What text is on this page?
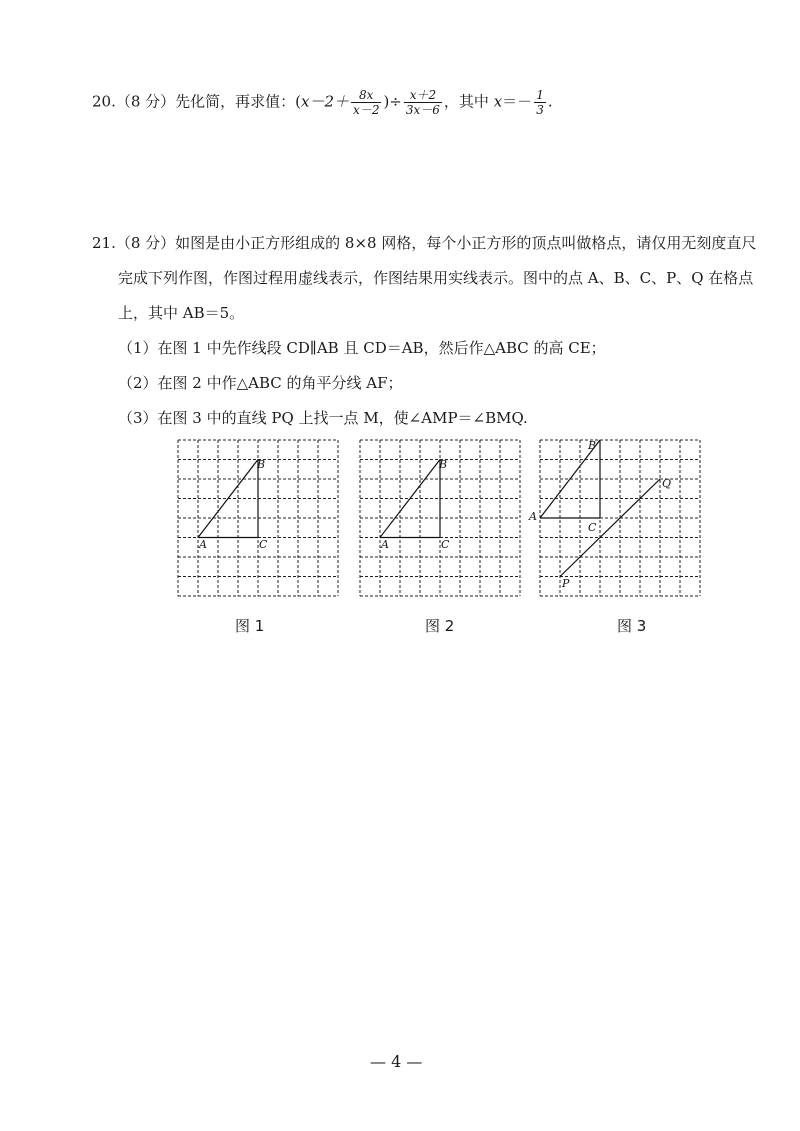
20.（8 分）先化简，再求值：($x-2+ \frac{8x}{x-2}$ )÷ $\frac{x+2}{3x-6}$ ，其中 $x=- \frac{1}{3}$ .
21.（8 分）如图是由小正方形组成的 8×8 网格，每个小正方形的顶点叫做格点，请仅用无刻度直尺
完成下列作图，作图过程用虚线表示，作图结果用实线表示。图中的点 A、B、C、P、Q 在格点
上，其中 AB＝5。
（1）在图 1 中先作线段 CD∥AB 且 CD＝AB，然后作△ABC 的高 CE；
（2）在图 2 中作△ABC 的角平分线 AF；
（3）在图 3 中的直线 PQ 上找一点 M，使∠AMP＝∠BMQ.
A
B
C
图 1
A
B
C
图 2
A
B
C
P
Q
图 3
— 4 —
